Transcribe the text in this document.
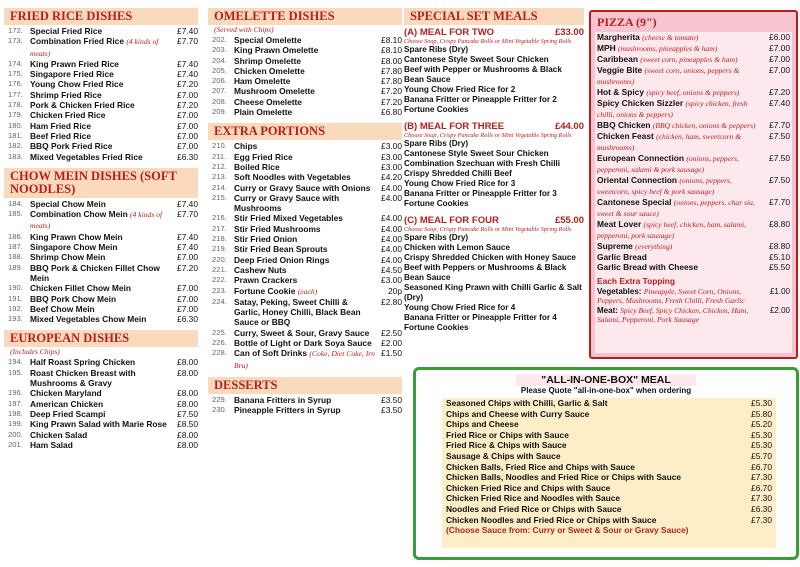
FRIED RICE DISHES
172. Special Fried Rice	£7.40
173. Combination Fried Rice (4 kinds of meats)
£7.70
174. King Prawn Fried Rice	£7.40
175. Singapore Fried Rice	£7.40
176. Young Chow Fried Rice	£7.20
177. Shrimp Fried Rice	£7.00
178. Pork & Chicken Fried Rice	£7.20
179. Chicken Fried Rice	£7.00
180. Ham Fried Rice	£7.00
181. Beef Fried Rice	£7.00
182. BBQ Pork Fried Rice	£7.00
183. Mixed Vegetables Fried Rice	£6.30
CHOW MEIN DISHES (SOFT NOODLES)
184. Special Chow Mein	£7.40
185. Combination Chow Mein (4 kinds of meats)
£7.70
186. King Prawn Chow Mein	£7.40
187. Singapore Chow Mein	£7.40
188. Shrimp Chow Mein	£7.00
189. BBQ Pork & Chicken Fillet Chow Mein
£7.20
190. Chicken Fillet Chow Mein	£7.00
191. BBQ Pork Chow Mein	£7.00
192. Beef Chow Mein	£7.00
193. Mixed Vegetables Chow Mein	£6.30
EUROPEAN DISHES
(Includes Chips)
194. Half Roast Spring Chicken	£8.00
195. Roast Chicken Breast with Mushrooms & Gravy
£8.00
196. Chicken Maryland	£8.00
197. American Chicken	£8.00
198. Deep Fried Scampi	£7.50
199. King Prawn Salad with Marie Rose	£8.50
200. Chicken Salad	£8.00
201. Ham Salad	£8.00
OMELETTE DISHES
(Served with Chips)
202. Special Omelette	£8.10
203. King Prawn Omelette	£8.10
204. Shrimp Omelette	£8.00
205. Chicken Omelette	£7.80
206. Ham Omelette	£7.80
207. Mushroom Omelette	£7.20
208. Cheese Omelette	£7.20
209. Plain Omelette	£6.80
EXTRA PORTIONS
210. Chips	£3.00
211. Egg Fried Rice	£3.00
212. Boiled Rice	£3.00
213. Soft Noodles with Vegetables	£4.20
214. Curry or Gravy Sauce with Onions	£4.00
215. Curry or Gravy Sauce with Mushrooms
£4.00
216. Stir Fried Mixed Vegetables	£4.00
217. Stir Fried Mushrooms	£4.00
218. Stir Fried Onion	£4.00
219. Stir Fried Bean Sprouts	£4.00
220. Deep Fried Onion Rings	£4.00
221. Cashew Nuts	£4.50
222. Prawn Crackers	£3.00
223. Fortune Cookie (each)	20p
224. Satay, Peking, Sweet Chilli & Garlic, Honey Chilli, Black Bean Sauce or BBQ
£2.80
225. Curry, Sweet & Sour, Gravy Sauce	£2.50
226. Bottle of Light or Dark Soya Sauce	£2.00
228. Can of Soft Drinks (Coke, Diet Coke, Irn Bru)
£1.50
DESSERTS
229. Banana Fritters in Syrup	£3.50
230. Pineapple Fritters in Syrup	£3.50
SPECIAL SET MEALS
(A) MEAL FOR TWO	£33.00
Choose Soup, Crispy Pancake Rolls or Mini Vegetable Spring Rolls
Spare Ribs (Dry)
Cantonese Style Sweet Sour Chicken
Beef with Pepper or Mushrooms & Black Bean Sauce
Young Chow Fried Rice for 2
Banana Fritter or Pineapple Fritter for 2
Fortune Cookies
(B) MEAL FOR THREE	£44.00
Choose Soup, Crispy Pancake Rolls or Mini Vegetable Spring Rolls
Spare Ribs (Dry)
Cantonese Style Sweet Sour Chicken
Combination Szechuan with Fresh Chilli
Crispy Shredded Chilli Beef
Young Chow Fried Rice for 3
Banana Fritter or Pineapple Fritter for 3
Fortune Cookies
(C) MEAL FOR FOUR	£55.00
Choose Soup, Crispy Pancake Rolls or Mini Vegetable Spring Rolls
Spare Ribs (Dry)
Chicken with Lemon Sauce
Crispy Shredded Chicken with Honey Sauce
Beef with Peppers or Mushrooms & Black Bean Sauce
Seasoned King Prawn with Chilli Garlic & Salt (Dry)
Young Chow Fried Rice for 4
Banana Fritter or Pineapple Fritter for 4
Fortune Cookies
PIZZA (9")
Margherita (cheese & tomato)	£6.00
MPH (mushrooms, pineapples & ham)	£7.00
Caribbean (sweet corn, pineapples & ham)	£7.00
Veggie Bite (sweet corn, onions, peppers & mushrooms)
£7.00
Hot & Spicy (spicy beef, onions & peppers)	£7.20
Spicy Chicken Sizzler (spicy chicken, fresh chilli, onions & peppers)
£7.40
BBQ Chicken (BBQ chicken, onions & peppers)	£7.70
Chicken Feast (chicken, ham, sweetcorn & mushrooms)
£7.50
European Connection (onions, peppers, pepperoni, salami & pork sausage)
£7.50
Oriental Connection (onions, peppers, sweetcorn, spicy beef & pork sausage)
£7.50
Cantonese Special (onions, peppers, char siu, sweet & sour sauce)
£7.70
Meat Lover (spicy beef, chicken, ham, salami, pepperoni, pork sausage)
£8.80
Supreme (everything)	£8.80
Garlic Bread	£5.10
Garlic Bread with Cheese	£5.50
Each Extra Topping
Vegetables: Pineapple, Sweet Corn, Onions, Peppers, Mushrooms, Fresh Chilli, Fresh Garlic
£1.00
Meat: Spicy Beef, Spicy Chicken, Chicken, Ham, Salami, Pepperoni, Pork Sausage
£2.00
"ALL-IN-ONE-BOX" MEAL
Please Quote "all-in-one-box" when ordering
Seasoned Chips with Chilli, Garlic & Salt	£5.30
Chips and Cheese with Curry Sauce	£5.80
Chips and Cheese	£5.20
Fried Rice or Chips with Sauce	£5.30
Fried Rice & Chips with Sauce	£5.30
Sausage & Chips with Sauce	£5.70
Chicken Balls, Fried Rice and Chips with Sauce	£6.70
Chicken Balls, Noodles and Fried Rice or Chips with Sauce	£7.30
Chicken Fried Rice and Chips with Sauce	£6.70
Chicken Fried Rice and Noodles with Sauce	£7.30
Noodles and Fried Rice or Chips with Sauce	£6.30
Chicken Noodles and Fried Rice or Chips with Sauce	£7.30
(Choose Sauce from: Curry or Sweet & Sour or Gravy Sauce)
